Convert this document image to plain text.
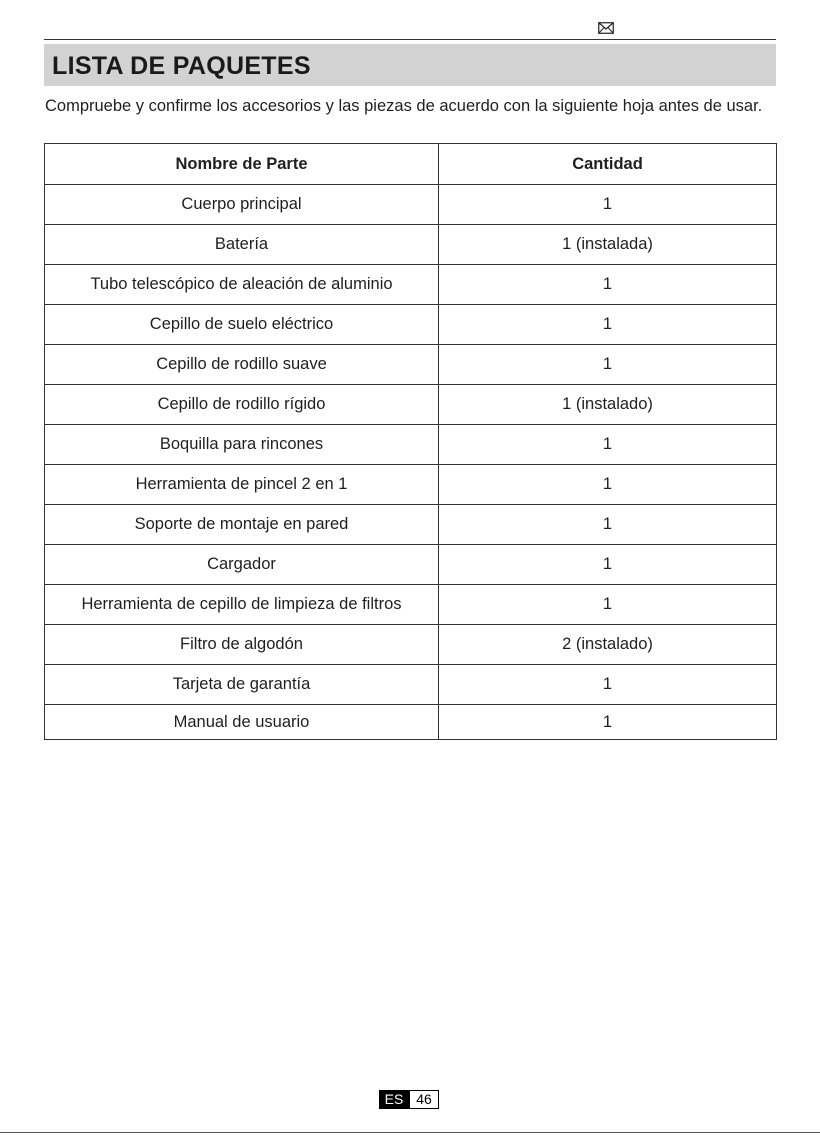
LISTA DE PAQUETES

Compruebe y confirme los accesorios y las piezas de acuerdo con la siguiente hoja antes de usar.

Nombre de Parte	Cantidad
Cuerpo principal	1
Batería	1 (instalada)
Tubo telescópico de aleación de aluminio	1
Cepillo de suelo eléctrico	1
Cepillo de rodillo suave	1
Cepillo de rodillo rígido	1 (instalado)
Boquilla para rincones	1
Herramienta de pincel 2 en 1	1
Soporte de montaje en pared	1
Cargador	1
Herramienta de cepillo de limpieza de filtros	1
Filtro de algodón	2 (instalado)
Tarjeta de garantía	1
Manual de usuario	1
ES 46
